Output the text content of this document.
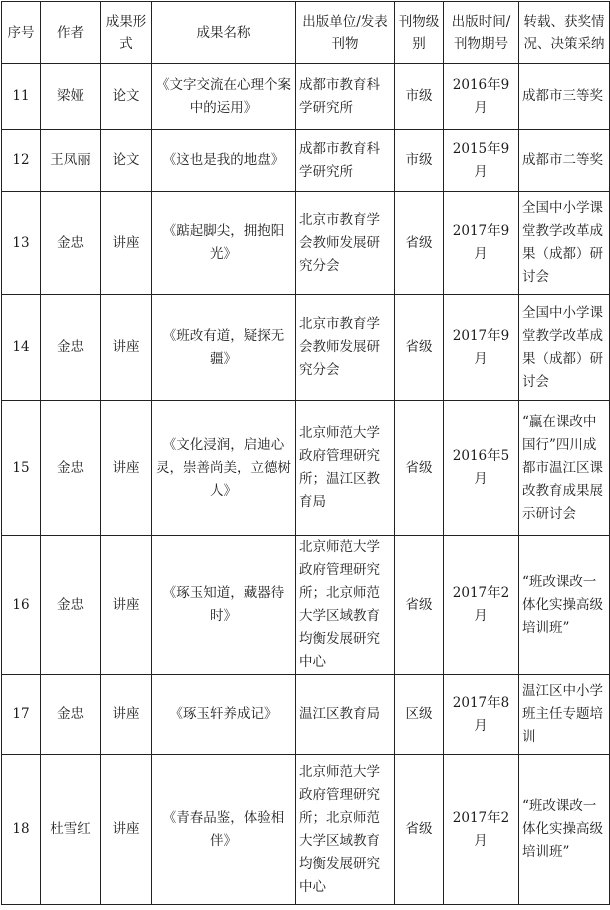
序号	作者	成果形式	成果名称	出版单位/发表刊物	刊物级别	出版时间/刊物期号	转载、获奖情况、决策采纳

11	梁娅	论文	《文字交流在心理个案中的运用》	成都市教育科学研究所	市级	2016年9月	成都市三等奖

12	王凤丽	论文	《这也是我的地盘》	成都市教育科学研究所	市级	2015年9月	成都市二等奖

13	金忠	讲座	《踮起脚尖，拥抱阳光》	北京市教育学会教师发展研究分会	省级	2017年9月	全国中小学课堂教学改革成果（成都）研讨会

14	金忠	讲座	《班改有道，疑探无疆》	北京市教育学会教师发展研究分会	省级	2017年9月	全国中小学课堂教学改革成果（成都）研讨会

15	金忠	讲座	《文化浸润，启迪心灵，崇善尚美，立德树人》	北京师范大学政府管理研究所；温江区教育局	省级	2016年5月	“赢在课改中国行”四川成都市温江区课改教育成果展示研讨会

16	金忠	讲座	《琢玉知道，藏器待时》	北京师范大学政府管理研究所；北京师范大学区域教育均衡发展研究中心	省级	2017年2月	“班改课改一体化实操高级培训班”

17	金忠	讲座	《琢玉轩养成记》	温江区教育局	区级	2017年8月	温江区中小学班主任专题培训

18	杜雪红	讲座	《青春品鉴，体验相伴》	北京师范大学政府管理研究所；北京师范大学区域教育均衡发展研究中心	省级	2017年2月	“班改课改一体化实操高级培训班”
